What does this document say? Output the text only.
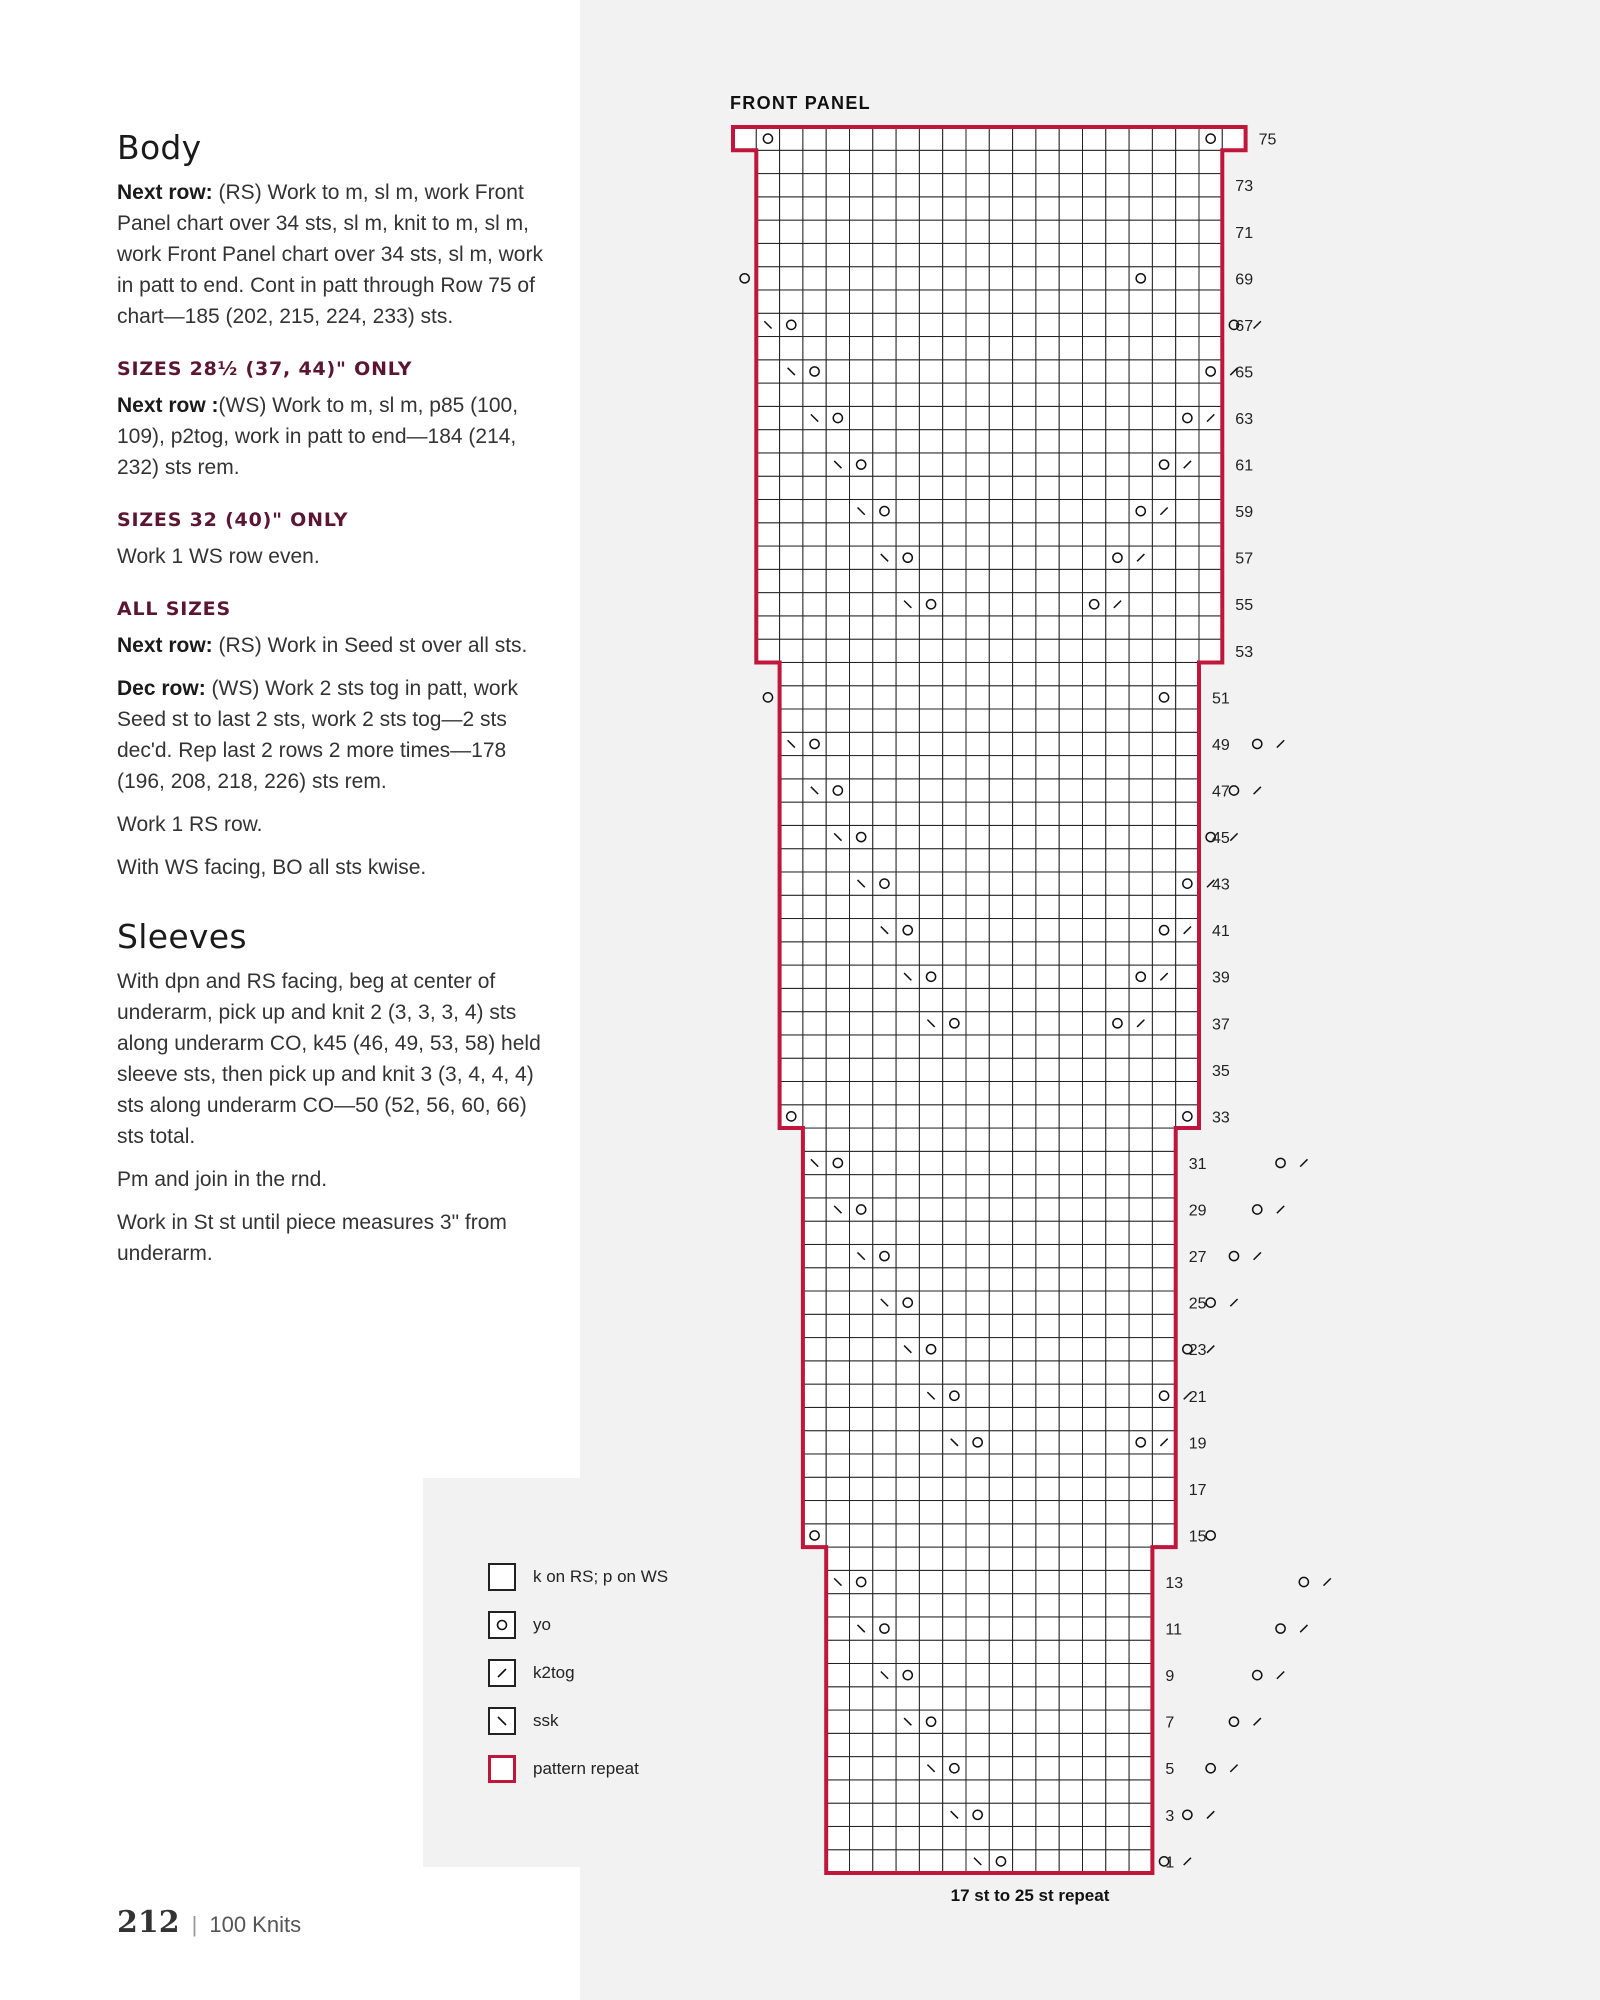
Body

Next row: (RS) Work to m, sl m, work Front Panel chart over 34 sts, sl m, knit to m, sl m, work Front Panel chart over 34 sts, sl m, work in patt to end. Cont in patt through Row 75 of chart—185 (202, 215, 224, 233) sts.

SIZES 28½ (37, 44)" ONLY

Next row :(WS) Work to m, sl m, p85 (100, 109), p2tog, work in patt to end—184 (214, 232) sts rem.

SIZES 32 (40)" ONLY

Work 1 WS row even.

ALL SIZES

Next row: (RS) Work in Seed st over all sts.

Dec row: (WS) Work 2 sts tog in patt, work Seed st to last 2 sts, work 2 sts tog—2 sts dec'd. Rep last 2 rows 2 more times—178 (196, 208, 218, 226) sts rem.

Work 1 RS row.

With WS facing, BO all sts kwise.

Sleeves

With dpn and RS facing, beg at center of underarm, pick up and knit 2 (3, 3, 3, 4) sts along underarm CO, k45 (46, 49, 53, 58) held sleeve sts, then pick up and knit 3 (3, 4, 4, 4) sts along underarm CO—50 (52, 56, 60, 66) sts total.

Pm and join in the rnd.

Work in St st until piece measures 3" from underarm.

FRONT PANEL
1
3
5
7
9
11
13
15
17
19
21
23
25
27
29
31
33
35
37
39
41
43
45
47
49
51
53
55
57
59
61
63
65
67
69
71
73
75
17 st to 25 st repeat
k on RS; p on WS
yo
k2tog
ssk
pattern repeat
212 | 100 Knits
